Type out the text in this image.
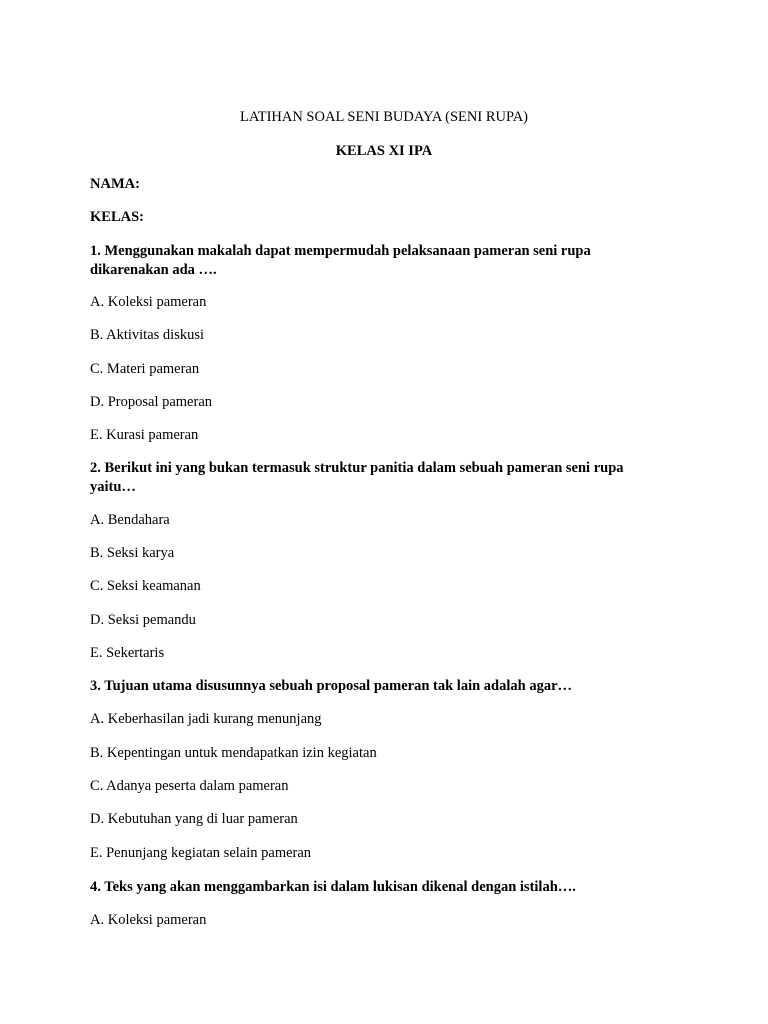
LATIHAN SOAL SENI BUDAYA (SENI RUPA)
KELAS XI IPA
NAMA:
KELAS:
1. Menggunakan makalah dapat mempermudah pelaksanaan pameran seni rupa
dikarenakan ada ….
A. Koleksi pameran
B. Aktivitas diskusi
C. Materi pameran
D. Proposal pameran
E. Kurasi pameran
2. Berikut ini yang bukan termasuk struktur panitia dalam sebuah pameran seni rupa
yaitu…
A. Bendahara
B. Seksi karya
C. Seksi keamanan
D. Seksi pemandu
E. Sekertaris
3. Tujuan utama disusunnya sebuah proposal pameran tak lain adalah agar…
A. Keberhasilan jadi kurang menunjang
B. Kepentingan untuk mendapatkan izin kegiatan
C. Adanya peserta dalam pameran
D. Kebutuhan yang di luar pameran
E. Penunjang kegiatan selain pameran
4. Teks yang akan menggambarkan isi dalam lukisan dikenal dengan istilah….
A. Koleksi pameran
